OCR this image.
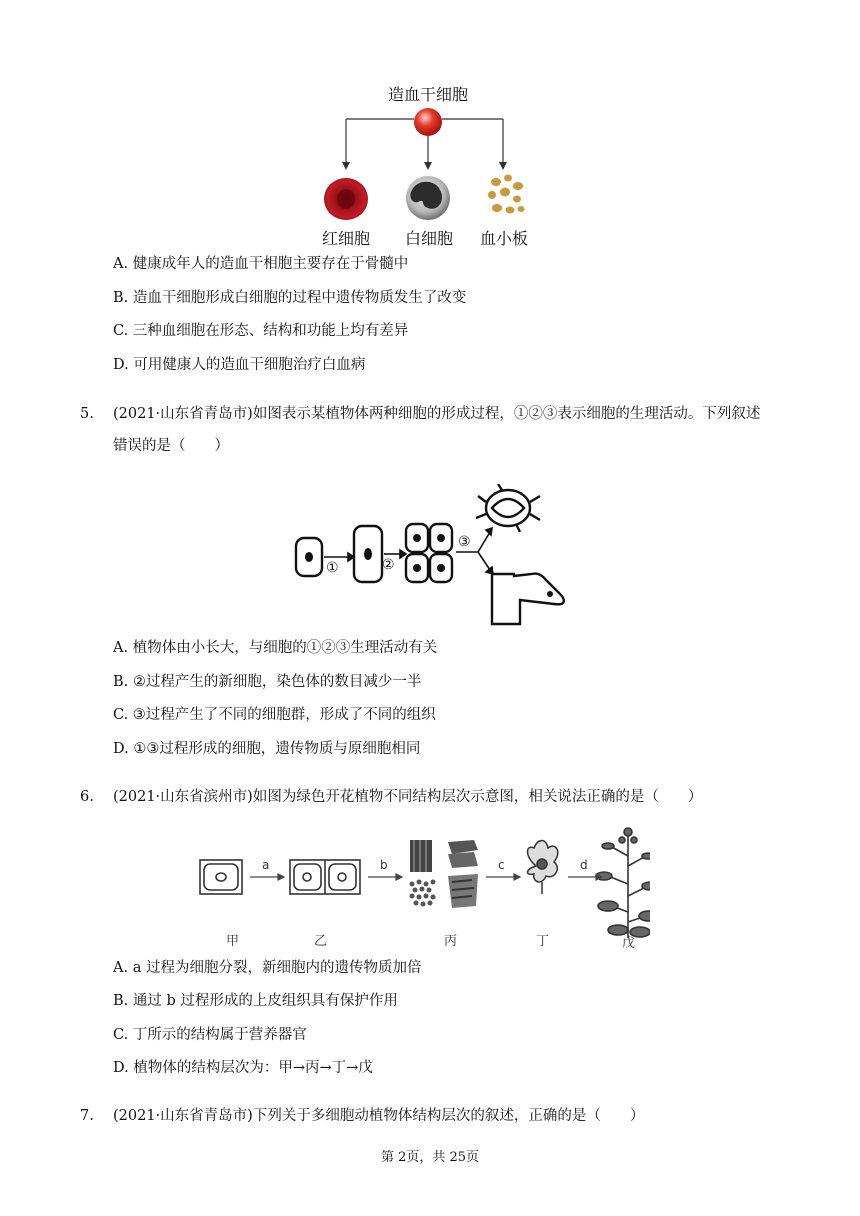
造血干细胞
红细胞 白细胞 血小板
A. 健康成年人的造血干相胞主要存在于骨髓中
B. 造血干细胞形成白细胞的过程中遗传物质发生了改变
C. 三种血细胞在形态、结构和功能上均有差异
D. 可用健康人的造血干细胞治疗白血病
5. (2021·山东省青岛市)如图表示某植物体两种细胞的形成过程，①②③表示细胞的生理活动。下列叙述
错误的是（　　）
①	②
③
A. 植物体由小长大，与细胞的①②③生理活动有关
B. ②过程产生的新细胞，染色体的数目减少一半
C. ③过程产生了不同的细胞群，形成了不同的组织
D. ①③过程形成的细胞，遗传物质与原细胞相同
6. (2021·山东省滨州市)如图为绿色开花植物不同结构层次示意图，相关说法正确的是（　　）
a	b	c	d
甲	乙	丙	丁	戊
A. a 过程为细胞分裂，新细胞内的遗传物质加倍
B. 通过 b 过程形成的上皮组织具有保护作用
C. 丁所示的结构属于营养器官
D. 植物体的结构层次为：甲→丙→丁→戊
7. (2021·山东省青岛市)下列关于多细胞动植物体结构层次的叙述，正确的是（　　）
第 2页，共 25页
